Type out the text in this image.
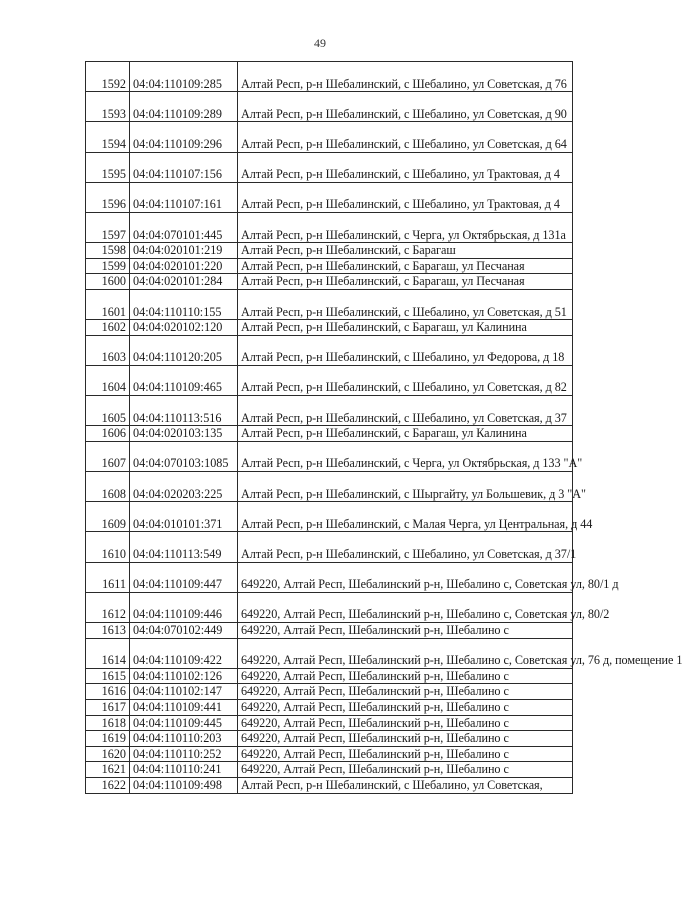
49
1592	04:04:110109:285	Алтай Респ, р-н Шебалинский, с Шебалино, ул Советская, д 76
1593	04:04:110109:289	Алтай Респ, р-н Шебалинский, с Шебалино, ул Советская, д 90
1594	04:04:110109:296	Алтай Респ, р-н Шебалинский, с Шебалино, ул Советская, д 64
1595	04:04:110107:156	Алтай Респ, р-н Шебалинский, с Шебалино, ул Трактовая, д 4
1596	04:04:110107:161	Алтай Респ, р-н Шебалинский, с Шебалино, ул Трактовая, д 4
1597	04:04:070101:445	Алтай Респ, р-н Шебалинский, с Черга, ул Октябрьская, д 131а
1598	04:04:020101:219	Алтай Респ, р-н Шебалинский, с Барагаш
1599	04:04:020101:220	Алтай Респ, р-н Шебалинский, с Барагаш, ул Песчаная
1600	04:04:020101:284	Алтай Респ, р-н Шебалинский, с Барагаш, ул Песчаная
1601	04:04:110110:155	Алтай Респ, р-н Шебалинский, с Шебалино, ул Советская, д 51
1602	04:04:020102:120	Алтай Респ, р-н Шебалинский, с Барагаш, ул Калинина
1603	04:04:110120:205	Алтай Респ, р-н Шебалинский, с Шебалино, ул Федорова, д 18
1604	04:04:110109:465	Алтай Респ, р-н Шебалинский, с Шебалино, ул Советская, д 82
1605	04:04:110113:516	Алтай Респ, р-н Шебалинский, с Шебалино, ул Советская, д 37
1606	04:04:020103:135	Алтай Респ, р-н Шебалинский, с Барагаш, ул Калинина
1607	04:04:070103:1085	Алтай Респ, р-н Шебалинский, с Черга, ул Октябрьская, д 133 "А"
1608	04:04:020203:225	Алтай Респ, р-н Шебалинский, с Шыргайту, ул Большевик, д 3 "А"
1609	04:04:010101:371	Алтай Респ, р-н Шебалинский, с Малая Черга, ул Центральная, д 44
1610	04:04:110113:549	Алтай Респ, р-н Шебалинский, с Шебалино, ул Советская, д 37/1
1611	04:04:110109:447	649220, Алтай Респ, Шебалинский р-н, Шебалино с, Советская ул, 80/1 д
1612	04:04:110109:446	649220, Алтай Респ, Шебалинский р-н, Шебалино с, Советская ул, 80/2
1613	04:04:070102:449	649220, Алтай Респ, Шебалинский р-н, Шебалино с
1614	04:04:110109:422	649220, Алтай Респ, Шебалинский р-н, Шебалино с, Советская ул, 76 д, помещение 1
1615	04:04:110102:126	649220, Алтай Респ, Шебалинский р-н, Шебалино с
1616	04:04:110102:147	649220, Алтай Респ, Шебалинский р-н, Шебалино с
1617	04:04:110109:441	649220, Алтай Респ, Шебалинский р-н, Шебалино с
1618	04:04:110109:445	649220, Алтай Респ, Шебалинский р-н, Шебалино с
1619	04:04:110110:203	649220, Алтай Респ, Шебалинский р-н, Шебалино с
1620	04:04:110110:252	649220, Алтай Респ, Шебалинский р-н, Шебалино с
1621	04:04:110110:241	649220, Алтай Респ, Шебалинский р-н, Шебалино с
1622	04:04:110109:498	Алтай Респ, р-н Шебалинский, с Шебалино, ул Советская,
